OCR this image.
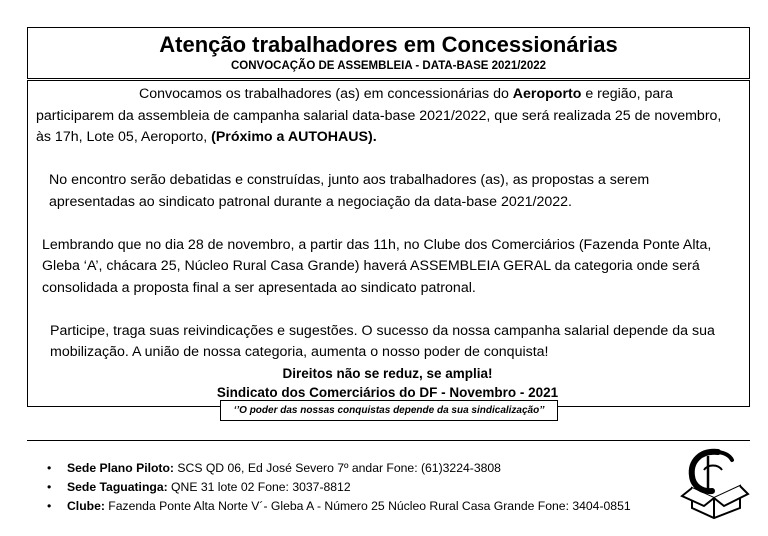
Atenção trabalhadores em Concessionárias
CONVOCAÇÃO DE ASSEMBLEIA - DATA-BASE 2021/2022

Convocamos os trabalhadores (as) em concessionárias do Aeroporto e região, para participarem da assembleia de campanha salarial data-base 2021/2022, que será realizada 25 de novembro, às 17h, Lote 05, Aeroporto, (Próximo a AUTOHAUS).

No encontro serão debatidas e construídas, junto aos trabalhadores (as), as propostas a serem apresentadas ao sindicato patronal durante a negociação da data-base 2021/2022.

Lembrando que no dia 28 de novembro, a partir das 11h, no Clube dos Comerciários (Fazenda Ponte Alta, Gleba ‘A’, chácara 25, Núcleo Rural Casa Grande) haverá ASSEMBLEIA GERAL da categoria onde será consolidada a proposta final a ser apresentada ao sindicato patronal.

Participe, traga suas reivindicações e sugestões. O sucesso da nossa campanha salarial depende da sua mobilização. A união de nossa categoria, aumenta o nosso poder de conquista!

Direitos não se reduz, se amplia!
Sindicato dos Comerciários do DF - Novembro - 2021
‘’O poder das nossas conquistas depende da sua sindicalização’’
• Sede Plano Piloto: SCS QD 06, Ed José Severo 7º andar Fone: (61)3224-3808
• Sede Taguatinga: QNE 31 lote 02 Fone: 3037-8812
• Clube: Fazenda Ponte Alta Norte V´- Gleba A - Número 25 Núcleo Rural Casa Grande Fone: 3404-0851
